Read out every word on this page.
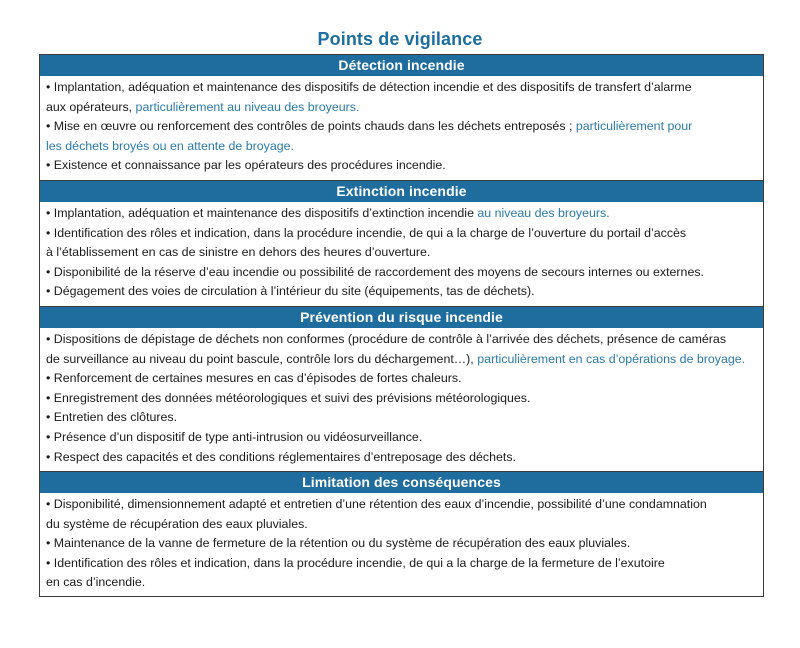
Points de vigilance
Détection incendie
• Implantation, adéquation et maintenance des dispositifs de détection incendie et des dispositifs de transfert d’alarme
aux opérateurs, particulièrement au niveau des broyeurs.
• Mise en œuvre ou renforcement des contrôles de points chauds dans les déchets entreposés ; particulièrement pour
les déchets broyés ou en attente de broyage.
• Existence et connaissance par les opérateurs des procédures incendie.
Extinction incendie
• Implantation, adéquation et maintenance des dispositifs d’extinction incendie au niveau des broyeurs.
• Identification des rôles et indication, dans la procédure incendie, de qui a la charge de l’ouverture du portail d’accès
à l’établissement en cas de sinistre en dehors des heures d’ouverture.
• Disponibilité de la réserve d’eau incendie ou possibilité de raccordement des moyens de secours internes ou externes.
• Dégagement des voies de circulation à l’intérieur du site (équipements, tas de déchets).
Prévention du risque incendie
• Dispositions de dépistage de déchets non conformes (procédure de contrôle à l’arrivée des déchets, présence de caméras
de surveillance au niveau du point bascule, contrôle lors du déchargement…), particulièrement en cas d’opérations de broyage.
• Renforcement de certaines mesures en cas d’épisodes de fortes chaleurs.
• Enregistrement des données météorologiques et suivi des prévisions météorologiques.
• Entretien des clôtures.
• Présence d’un dispositif de type anti-intrusion ou vidéosurveillance.
• Respect des capacités et des conditions réglementaires d’entreposage des déchets.
Limitation des conséquences
• Disponibilité, dimensionnement adapté et entretien d’une rétention des eaux d’incendie, possibilité d’une condamnation
du système de récupération des eaux pluviales.
• Maintenance de la vanne de fermeture de la rétention ou du système de récupération des eaux pluviales.
• Identification des rôles et indication, dans la procédure incendie, de qui a la charge de la fermeture de l’exutoire
en cas d’incendie.
